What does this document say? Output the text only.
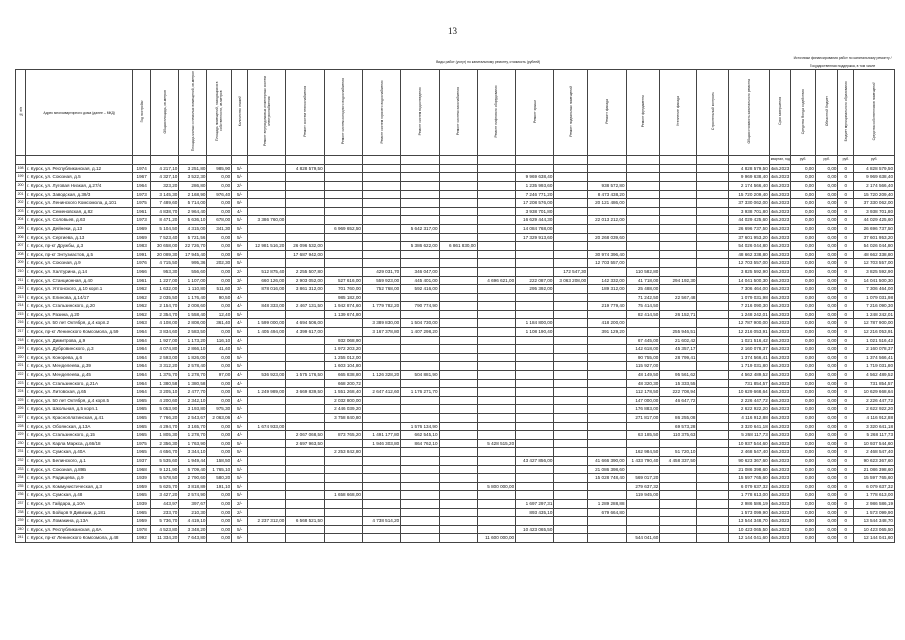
13
							Виды работ (услуг) по капитальному ремонту, стоимость (рублей)															Источники финансирования работ по капитальному ремонту / Государственная поддержка, в том числе			
№ п/п	Адрес многоквартирного дома (далее – МКД)	Год постройки	Общая площадь, кв.метров	Площадь жилых и нежилых помещений, кв.метров	Площадь помещений, находящихся в собственности, кв.метров	Количество этажей	Ремонт внутридомовых инженерных систем электроснабжения	Ремонт систем теплоснабжения	Ремонт систем холодного водоснабжения	Ремонт систем горячего водоснабжения	Ремонт систем водоотведения	Ремонт систем газоснабжения	Ремонт лифтового оборудования	Ремонт крыши	Ремонт подвальных помещений	Ремонт фасада	Ремонт фундамента	Утепление фасада	Строительный контроль	Общая стоимость капитального ремонта	Срок завершения	Средства Фонда содействия	Областной бюджет	Бюджет муниципального образования	Средства собственников помещений
																					квартал, год	руб.	руб.	руб.	руб.
198	г. Курск, ул. Республиканская, д.12	1974	4 217,10	3 251,80	985,90	5/-		4 828 579,50												4 828 579,50	4кв.2023	0,00	0,00	0	4 828 579,50
199	г. Курск, ул. Союзная, д.5	1967	4 327,10	3 522,30	0,00	5/-								9 969 638,40						9 969 638,40	4кв.2023	0,00	0,00	0	9 969 638,40
200	г. Курск, ул. Луговая Низкая, д.27/4	1964	323,20	286,80	0,00	2/-								1 235 993,60		938 572,80				2 174 566,40	4кв.2023	0,00	0,00	0	2 174 566,40
201	г. Курск, ул. Заводская, д.39/3	1973	3 145,30	2 168,90	976,40	5/-								7 246 771,20		8 473 438,20				15 720 209,40	4кв.2023	0,00	0,00	0	15 720 209,40
202	г. Курск, ул. Ленинского Комсомола, д.101	1975	7 489,60	5 714,00	0,00	9/-								17 208 576,00		20 121 486,00				37 330 062,00	4кв.2023	0,00	0,00	0	37 330 062,00
203	г. Курск, ул. Семеновская, д.82	1961	4 838,70	2 964,40	0,00	4/-								3 938 701,80						3 938 701,80	4кв.2023	0,00	0,00	0	3 938 701,80
204	г. Курск, ул. Соловьев, д.63	1973	8 471,20	5 636,10	678,00	5/-	3 386 760,00							16 629 444,30		22 013 212,00				44 029 425,60	4кв.2023	0,00	0,00	0	44 029 425,60
205	г. Курск, ул. Дейнеки, д.13	1969	5 104,50	4 315,00	341,30	5/-			6 969 652,50		5 642 317,00			14 084 768,00						26 696 737,50	4кв.2023	0,00	0,00	0	26 696 737,50
206	г. Курск, ул. Сергиева, д.13	1969	7 523,40	5 721,56	0,00	5/-								17 329 913,60		20 268 039,60				37 601 953,20	4кв.2023	0,00	0,00	0	37 601 953,20
207	г. Курск, пр-кт Дружбы, д.3	1983	30 658,00	22 726,70	0,00	9/-	12 981 516,20	26 096 532,00			5 386 622,00	6 861 830,00								54 026 044,80	4кв.2023	0,00	0,00	0	54 026 044,80
208	г. Курск, пр-кт Энтузиастов, д.5	1991	20 089,30	17 945,40	0,00	9/-		17 687 942,00								30 974 396,40				48 662 338,80	4кв.2023	0,00	0,00	0	48 662 338,80
209	г. Курск, ул. Союзная, д.9	1976	4 715,50	995,36	202,30	5/-										12 703 557,00				12 703 557,00	4кв.2023	0,00	0,00	0	12 703 557,00
210	г. Курск, ул. Халтурина, д.14	1966	953,30	556,60	0,00	2/-	512 875,40	2 255 507,80		429 031,70	346 047,00				172 547,30		110 582,80			3 825 592,90	4кв.2023	0,00	0,00	0	3 825 592,90
211	г. Курск, ул. Станционная, д.40	1961	1 227,00	1 107,00	0,00	3/-	660 126,00	2 903 052,00	527 616,00	559 923,00	445 401,00		4 696 621,00	222 087,00	3 063 208,00	142 332,00	41 718,00	294 192,30		14 041 500,30	4кв.2023	0,00	0,00	0	14 041 500,30
212	г. Курск, ул. Уптонского, д.10 корп.1	1962	1 632,00	1 110,80	511,60	3/-	878 016,00	3 861 312,00	701 760,00	752 768,00	592 416,00			295 392,00		189 312,00	25 488,00			7 306 464,00	4кв.2023	0,00	0,00	0	7 306 464,00
213	г. Курск, ул. Елинова, д.14/17	1962	2 035,50	1 176,40	90,50	4/-			985 182,00								71 242,50	22 567,48		1 079 031,98	4кв.2023	0,00	0,00	0	1 079 031,98
214	г. Курск, ул. Сгальзинского, д.20	1962	2 154,70	2 008,60	0,00	4/-	848 333,00	2 467 131,50	1 942 874,60	1 779 782,20	790 774,90					219 779,40	75 414,50			7 216 090,30	4кв.2023	0,00	0,00	0	7 216 090,30
215	г. Курск, ул. Разина, д.20	1962	2 354,70	1 558,40	12,40	5/-			1 139 674,80								82 414,50	26 152,71		1 248 242,01	4кв.2023	0,00	0,00	0	1 248 242,01
216	г. Курск, ул. 50 лет Октября, д.4 корп.2	1963	4 108,00	2 808,00	361,40	4/-	1 599 000,00	4 694 506,00		3 389 830,00	1 504 730,00			1 184 800,00		418 200,00				12 787 900,00	4кв.2023	0,00	0,00	0	12 787 900,00
217	г. Курск, пр-кт Ленинского Комсомола, д.59	1964	3 834,60	2 583,50	0,00	5/-	1 405 494,00	4 399 617,00		3 167 378,80	1 407 298,20			1 108 190,40		391 129,20		255 946,51		12 216 053,91	4кв.2023	0,00	0,00	0	12 216 053,91
218	г. Курск, ул. Димитрова, д.9	1964	1 927,00	1 173,20	116,10	4/-			932 068,90								67 445,00	21 602,42		1 021 516,42	4кв.2023	0,00	0,00	0	1 021 516,42
219	г. Курск, ул. Дубровинского, д.3	1964	4 074,80	2 866,10	41,40	5/-			1 972 203,20								142 618,00	45 357,17		2 160 078,37	4кв.2023	0,00	0,00	0	2 160 078,37
220	г. Курск, ул. Конорева, д.6	1964	2 593,00	1 826,00	0,00	5/-			1 255 012,00								90 755,00	28 799,41		1 374 566,41	4кв.2023	0,00	0,00	0	1 374 566,41
221	г. Курск, ул. Менделеева, д.39	1964	3 312,20	2 578,40	0,00	5/-			1 603 104,80								115 927,00			1 719 031,80	4кв.2023	0,00	0,00	0	1 719 031,80
222	г. Курск, ул. Менделеева, д.45	1964	1 375,70	1 278,70	97,00	4/-	536 923,00	1 575 176,50	665 838,80	1 126 328,20	504 881,90						48 149,50	95 561,62		4 562 489,52	4кв.2023	0,00	0,00	0	4 562 489,52
223	г. Курск, ул. Сгальзинского, д.21А	1964	1 380,58	1 380,58	0,00	4/-			668 200,72								48 320,30	15 333,55		731 854,57	4кв.2023	0,00	0,00	0	731 854,57
224	г. Курск, ул. Литовская, д.65	1964	3 205,10	2 477,70	0,00	5/-	1 249 989,00	3 669 839,50	1 551 268,40	2 647 412,60	1 176 271,70						112 178,50	222 708,94		10 629 668,64	4кв.2023	0,00	0,00	0	10 629 668,64
225	г. Курск, ул. 50 лет Октября, д.4 корп.5	1965	4 200,60	2 342,10	0,00	4/-			2 032 800,00								147 000,00	46 647,72		2 226 447,72	4кв.2023	0,00	0,00	0	2 226 447,72
226	г. Курск, ул. Школьная, д.5 корп.1	1965	5 053,90	3 193,80	975,30	5/-			2 446 039,20								176 883,00			2 622 922,20	4кв.2023	0,00	0,00	0	2 622 922,20
227	г. Курск, ул. Красноплатинская, д.41	1965	7 766,20	2 543,67	2 063,06	4/-			3 758 840,80								271 817,00	86 255,08		4 116 912,88	4кв.2023	0,00	0,00	0	4 116 912,88
228	г. Курск, ул. Обоянская, д.13А	1965	4 294,70	3 165,70	0,00	5/-	1 674 933,00				1 576 134,90							69 573,28		3 320 641,18	4кв.2023	0,00	0,00	0	3 320 641,18
229	г. Курск, ул. Сгальзинского, д.15	1965	1 805,30	1 278,70	0,00	4/-		2 067 068,50	873 765,20	1 491 177,80	662 545,10						63 185,50	110 375,63		5 268 117,73	4кв.2023	0,00	0,00	0	5 268 117,73
230	г. Курск, ул. Карла Маркса, д.66/18	1975	2 356,30	1 763,90	0,00	5/-		2 697 963,50		1 946 303,80	864 762,10		5 428 515,20							10 937 544,60	4кв.2023	0,00	0,00	0	10 937 544,60
231	г. Курск, ул. Сумская, д.40А	1965	4 656,70	3 344,10	0,00	5/-			2 253 842,80								162 984,50	51 720,10		2 468 547,40	4кв.2023	0,00	0,00	0	2 468 547,40
232	г. Курск, ул. Белинского, д.1	1937	5 535,60	1 949,44	158,50	4/-								43 427 856,00		41 666 390,00	1 433 790,40	4 458 337,50		90 623 367,60	4кв.2023	0,00	0,00	0	90 623 367,60
233	г. Курск, ул. Союзная, д.89Б	1968	9 121,90	5 709,40	1 765,10	5/-										21 086 398,60				21 086 398,60	4кв.2023	0,00	0,00	0	21 086 398,60
234	г. Курск, ул. Радищева, д.9	1939	5 578,50	2 790,60	580,20	5/-										15 028 748,40	569 017,20			15 597 765,60	4кв.2023	0,00	0,00	0	15 597 765,60
235	г. Курск, ул. Коммунистическая, д.3	1959	5 625,70	3 818,89	191,10	5/-							5 800 000,00				279 637,32			6 079 637,32	4кв.2023	0,00	0,00	0	6 079 637,32
236	г. Курск, ул. Сумская, д.48	1965	3 427,20	2 574,90	0,00	5/-			1 658 668,00								119 945,00			1 778 613,00	4кв.2023	0,00	0,00	0	1 778 613,00
237	г. Курск, ул. Гайдара, д.10А	1939	443,97	397,67	0,00	2/-								1 697 297,31		1 289 288,88				2 986 586,19	4кв.2023	0,00	0,00	0	2 986 586,19
238	г. Курск, ул. Бойцов 9 Дивизии, д.181	1965	233,70	210,30	0,00	2/-								893 435,10		679 664,80				1 573 099,90	4кв.2023	0,00	0,00	0	1 573 099,90
239	г. Курск, ул. Ломакина, д.13А	1959	5 736,70	4 419,10	0,00	5/-	2 237 312,00	6 568 521,50		4 738 514,20										13 544 348,70	4кв.2023	0,00	0,00	0	13 544 348,70
240	г. Курск, ул. Республиканская, д.6А	1978	4 523,80	3 348,20	0,00	5/-								10 423 065,50						10 423 065,50	4кв.2023	0,00	0,00	0	10 423 065,50
241	г. Курск, пр-кт Ленинского Комсомола, д.48	1992	11 334,20	7 643,80	0,00	9/-							11 600 000,00				544 041,60			12 144 041,60	4кв.2023	0,00	0,00	0	12 144 041,60
